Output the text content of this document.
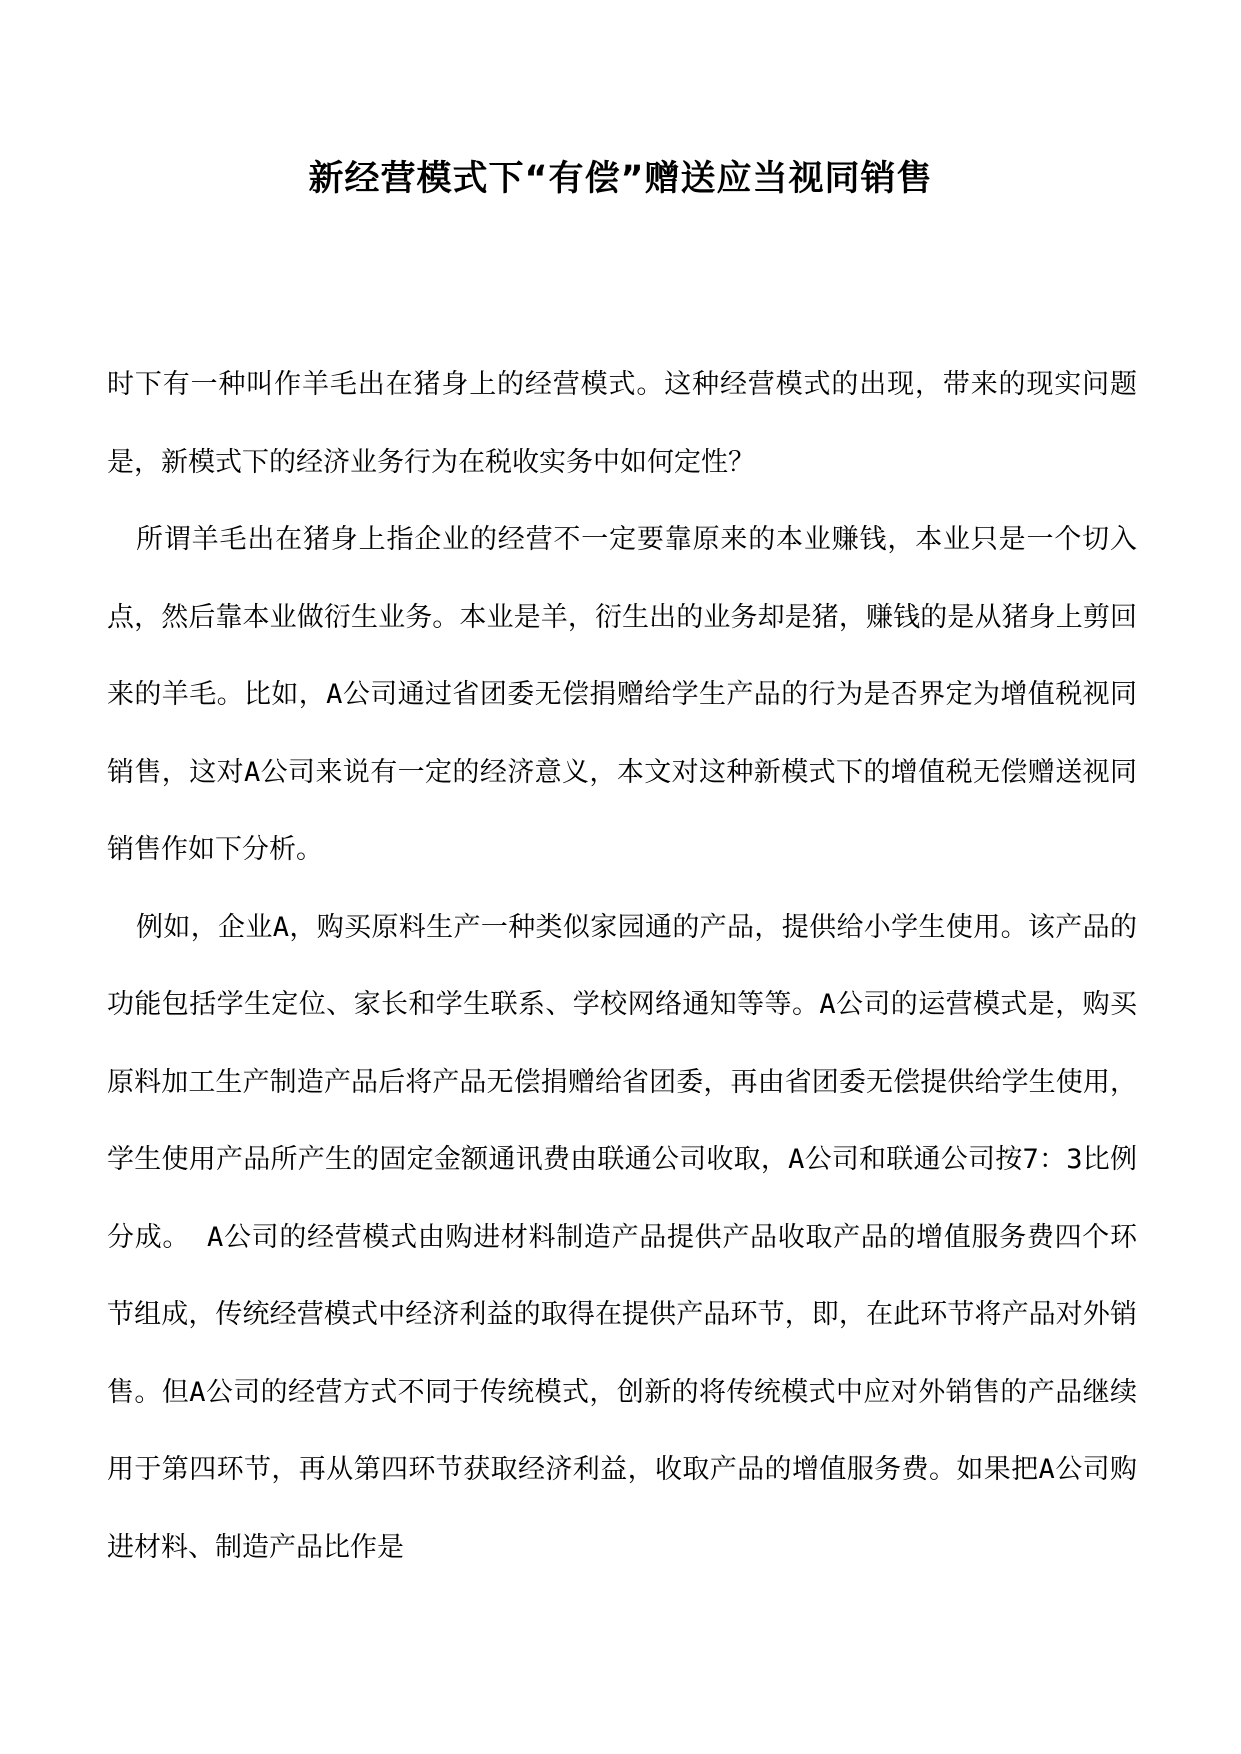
新经营模式下“有偿”赠送应当视同销售

时下有一种叫作羊毛出在猪身上的经营模式。这种经营模式的出现，带来的现实问题是，新模式下的经济业务行为在税收实务中如何定性？

所谓羊毛出在猪身上指企业的经营不一定要靠原来的本业赚钱，本业只是一个切入点，然后靠本业做衍生业务。本业是羊，衍生出的业务却是猪，赚钱的是从猪身上剪回来的羊毛。比如，A公司通过省团委无偿捐赠给学生产品的行为是否界定为增值税视同销售，这对A公司来说有一定的经济意义，本文对这种新模式下的增值税无偿赠送视同销售作如下分析。

例如，企业A，购买原料生产一种类似家园通的产品，提供给小学生使用。该产品的功能包括学生定位、家长和学生联系、学校网络通知等等。A公司的运营模式是，购买原料加工生产制造产品后将产品无偿捐赠给省团委，再由省团委无偿提供给学生使用，学生使用产品所产生的固定金额通讯费由联通公司收取，A公司和联通公司按7：3比例分成。 A公司的经营模式由购进材料制造产品提供产品收取产品的增值服务费四个环节组成，传统经营模式中经济利益的取得在提供产品环节，即，在此环节将产品对外销售。但A公司的经营方式不同于传统模式，创新的将传统模式中应对外销售的产品继续用于第四环节，再从第四环节获取经济利益，收取产品的增值服务费。如果把A公司购进材料、制造产品比作是
